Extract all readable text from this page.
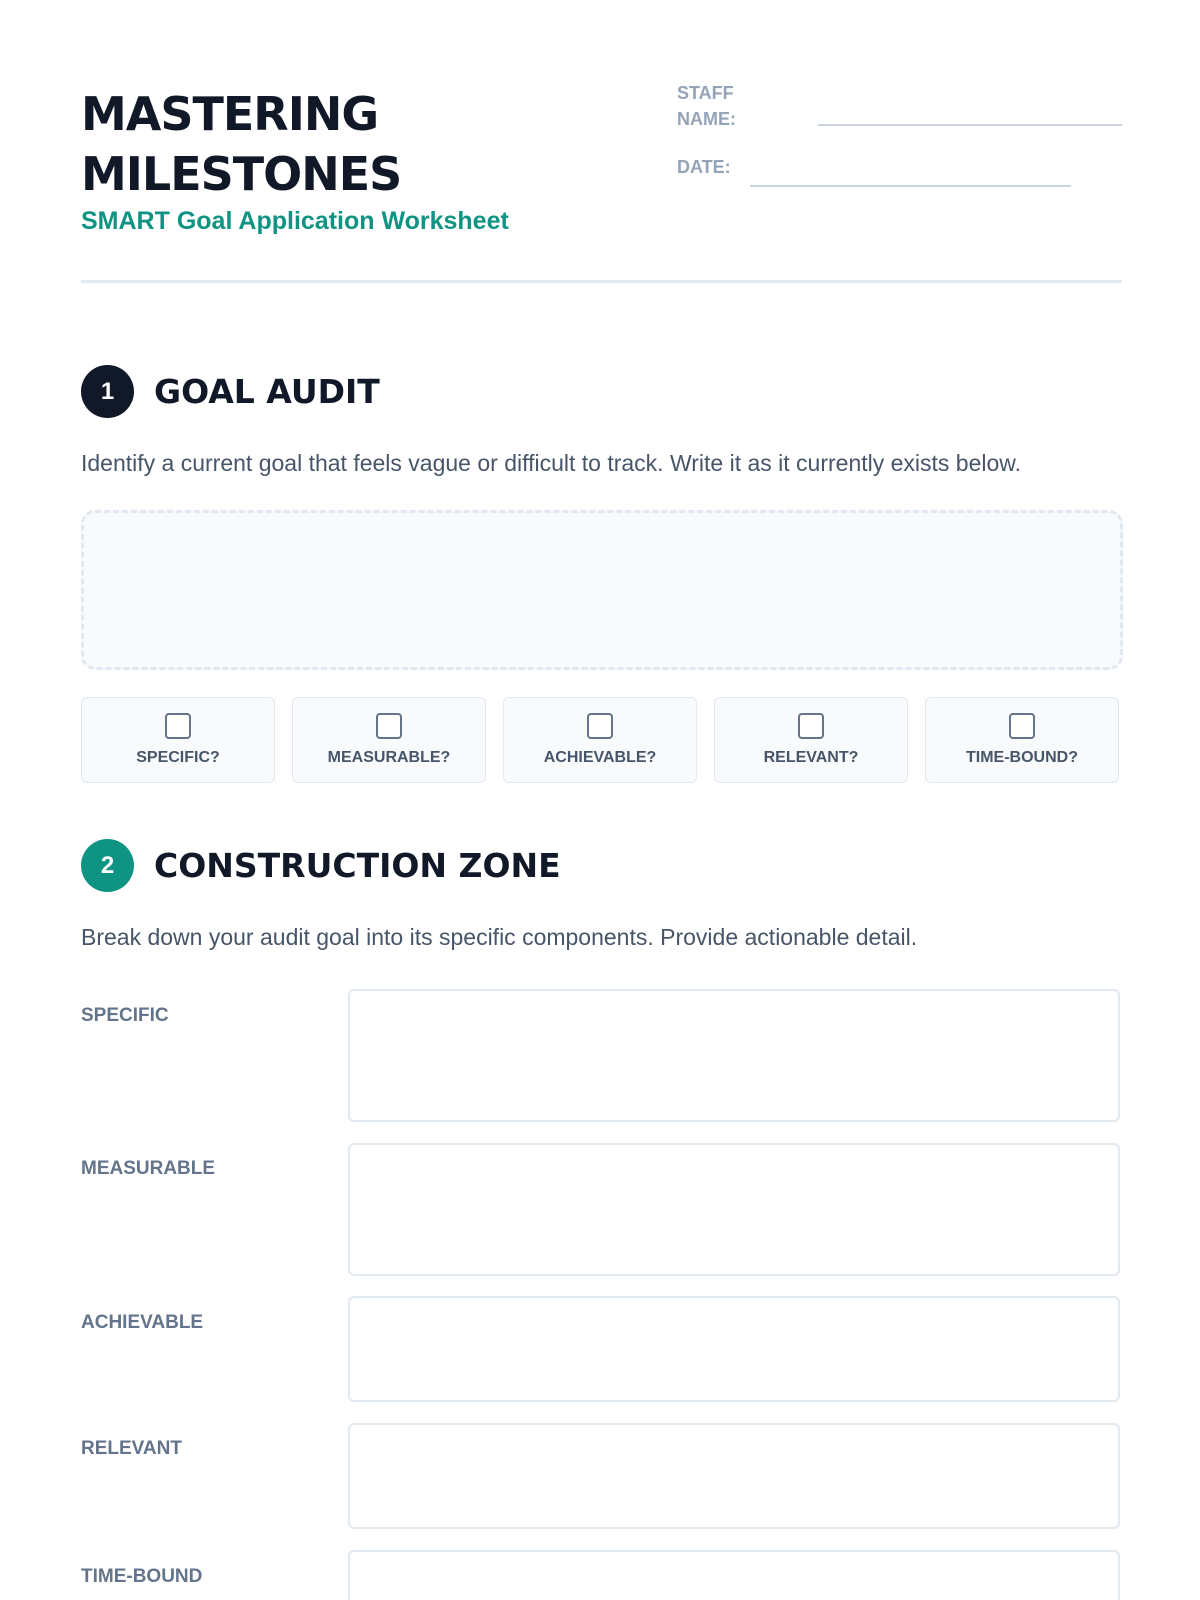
MASTERING
MILESTONES
SMART Goal Application Worksheet
STAFF
NAME:
DATE:
1	GOAL AUDIT
Identify a current goal that feels vague or difficult to track. Write it as it currently exists below.
SPECIFIC?	MEASURABLE?	ACHIEVABLE?	RELEVANT?	TIME-BOUND?
2	CONSTRUCTION ZONE
Break down your audit goal into its specific components. Provide actionable detail.
SPECIFIC
MEASURABLE
ACHIEVABLE
RELEVANT
TIME-BOUND
